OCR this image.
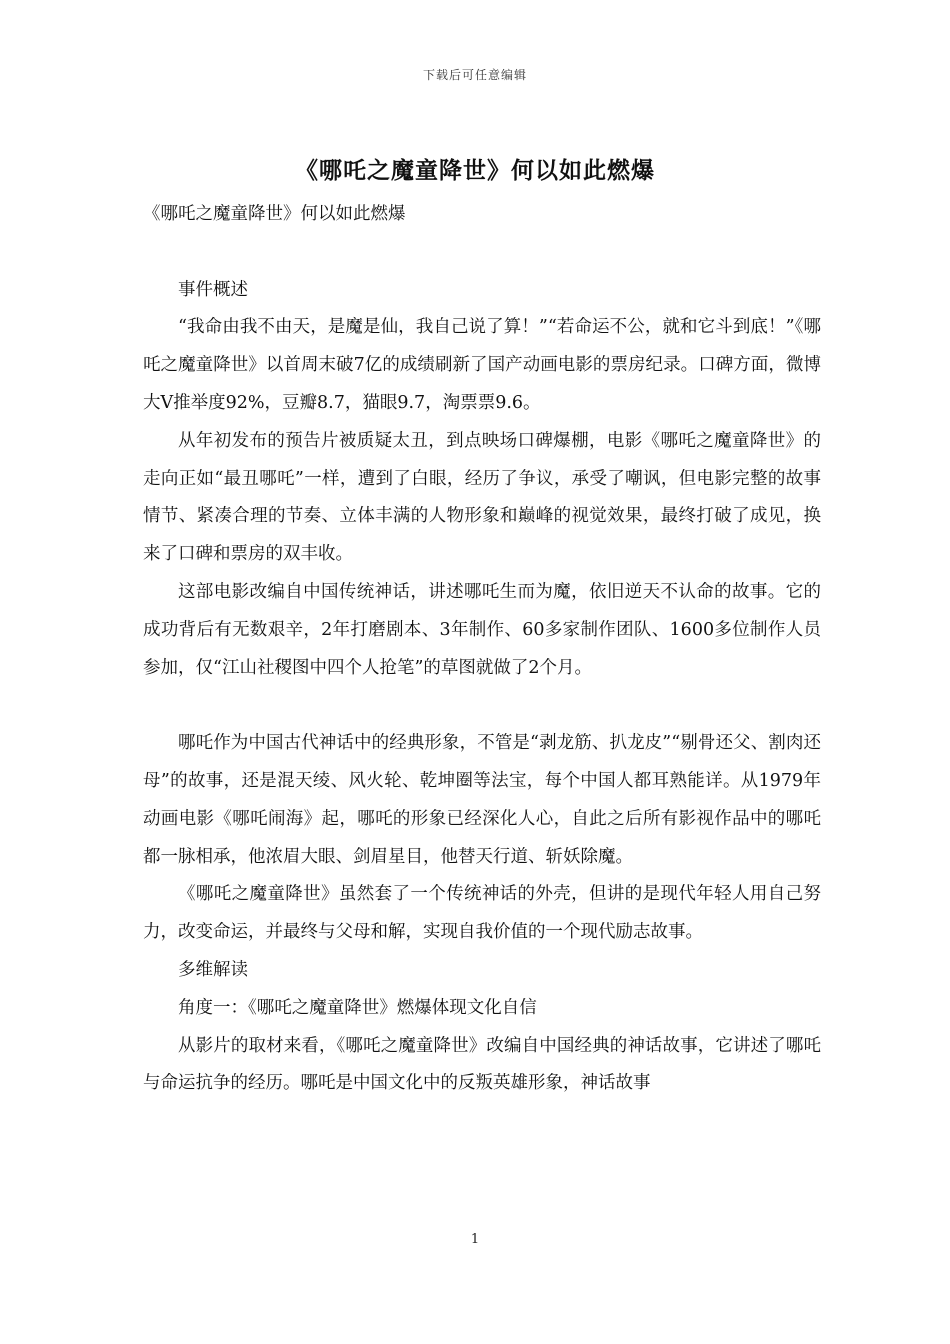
下载后可任意编辑
《哪吒之魔童降世》何以如此燃爆

《哪吒之魔童降世》何以如此燃爆

事件概述

“我命由我不由天，是魔是仙，我自己说了算！”“若命运不公，就和它斗到底！”《哪吒之魔童降世》以首周末破7亿的成绩刷新了国产动画电影的票房纪录。口碑方面，微博大V推举度92%，豆瓣8.7，猫眼9.7，淘票票9.6。

从年初发布的预告片被质疑太丑，到点映场口碑爆棚，电影《哪吒之魔童降世》的走向正如“最丑哪吒”一样，遭到了白眼，经历了争议，承受了嘲讽，但电影完整的故事情节、紧凑合理的节奏、立体丰满的人物形象和巅峰的视觉效果，最终打破了成见，换来了口碑和票房的双丰收。

这部电影改编自中国传统神话，讲述哪吒生而为魔，依旧逆天不认命的故事。它的成功背后有无数艰辛，2年打磨剧本、3年制作、60多家制作团队、1600多位制作人员参加，仅“江山社稷图中四个人抢笔”的草图就做了2个月。

哪吒作为中国古代神话中的经典形象，不管是“剥龙筋、扒龙皮”“剔骨还父、割肉还母”的故事，还是混天绫、风火轮、乾坤圈等法宝，每个中国人都耳熟能详。从1979年动画电影《哪吒闹海》起，哪吒的形象已经深化人心，自此之后所有影视作品中的哪吒都一脉相承，他浓眉大眼、剑眉星目，他替天行道、斩妖除魔。

《哪吒之魔童降世》虽然套了一个传统神话的外壳，但讲的是现代年轻人用自己努力，改变命运，并最终与父母和解，实现自我价值的一个现代励志故事。

多维解读

角度一：《哪吒之魔童降世》燃爆体现文化自信

从影片的取材来看，《哪吒之魔童降世》改编自中国经典的神话故事，它讲述了哪吒与命运抗争的经历。哪吒是中国文化中的反叛英雄形象，神话故事

1
